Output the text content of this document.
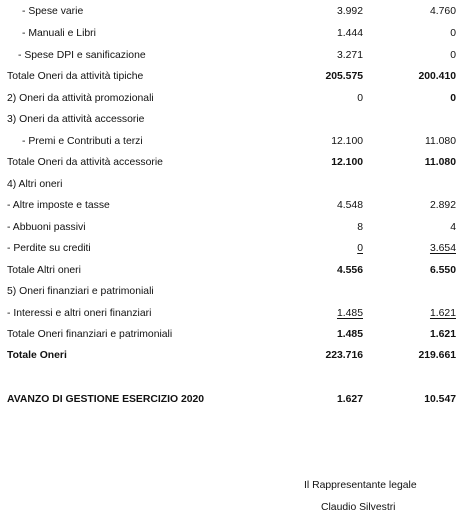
- Spese varie	3.992	4.760
- Manuali e Libri	1.444	0
- Spese DPI e sanificazione	3.271	0
Totale Oneri da attività tipiche	205.575	200.410
2) Oneri da attività promozionali	0	0
3) Oneri da attività accessorie
- Premi e Contributi a terzi	12.100	11.080
Totale Oneri da attività accessorie	12.100	11.080
4) Altri oneri
- Altre imposte e tasse	4.548	2.892
- Abbuoni passivi	8	4
- Perdite su crediti	0	3.654
Totale Altri oneri	4.556	6.550
5) Oneri finanziari e patrimoniali
- Interessi e altri oneri finanziari	1.485	1.621
Totale Oneri finanziari e patrimoniali	1.485	1.621
Totale Oneri	223.716	219.661
AVANZO DI GESTIONE ESERCIZIO 2020	1.627	10.547
Il Rappresentante legale
Claudio Silvestri
